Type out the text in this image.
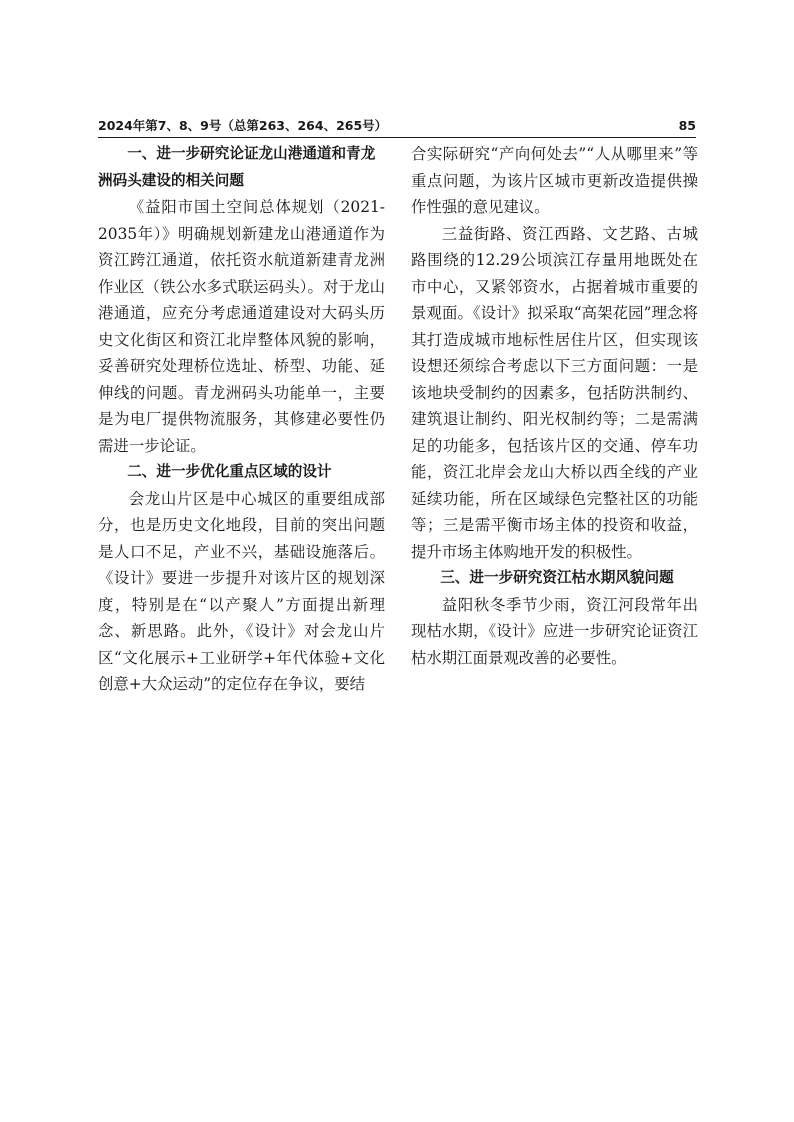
2024年第7、8、9号（总第263、264、265号）	85
一、进一步研究论证龙山港通道和青龙洲码头建设的相关问题

《益阳市国土空间总体规划（2021-2035年）》明确规划新建龙山港通道作为资江跨江通道，依托资水航道新建青龙洲作业区（铁公水多式联运码头）。对于龙山港通道，应充分考虑通道建设对大码头历史文化街区和资江北岸整体风貌的影响，妥善研究处理桥位选址、桥型、功能、延伸线的问题。青龙洲码头功能单一，主要是为电厂提供物流服务，其修建必要性仍需进一步论证。

二、进一步优化重点区域的设计

会龙山片区是中心城区的重要组成部分，也是历史文化地段，目前的突出问题是人口不足，产业不兴，基础设施落后。《设计》要进一步提升对该片区的规划深度，特别是在“以产聚人”方面提出新理念、新思路。此外，《设计》对会龙山片区“文化展示+工业研学+年代体验+文化创意+大众运动”的定位存在争议，要结

合实际研究“产向何处去”“人从哪里来”等重点问题，为该片区城市更新改造提供操作性强的意见建议。

三益街路、资江西路、文艺路、古城路围绕的12.29公顷滨江存量用地既处在市中心，又紧邻资水，占据着城市重要的景观面。《设计》拟采取“高架花园”理念将其打造成城市地标性居住片区，但实现该设想还须综合考虑以下三方面问题：一是该地块受制约的因素多，包括防洪制约、建筑退让制约、阳光权制约等；二是需满足的功能多，包括该片区的交通、停车功能，资江北岸会龙山大桥以西全线的产业延续功能，所在区域绿色完整社区的功能等；三是需平衡市场主体的投资和收益，提升市场主体购地开发的积极性。

三、进一步研究资江枯水期风貌问题

益阳秋冬季节少雨，资江河段常年出现枯水期，《设计》应进一步研究论证资江枯水期江面景观改善的必要性。
